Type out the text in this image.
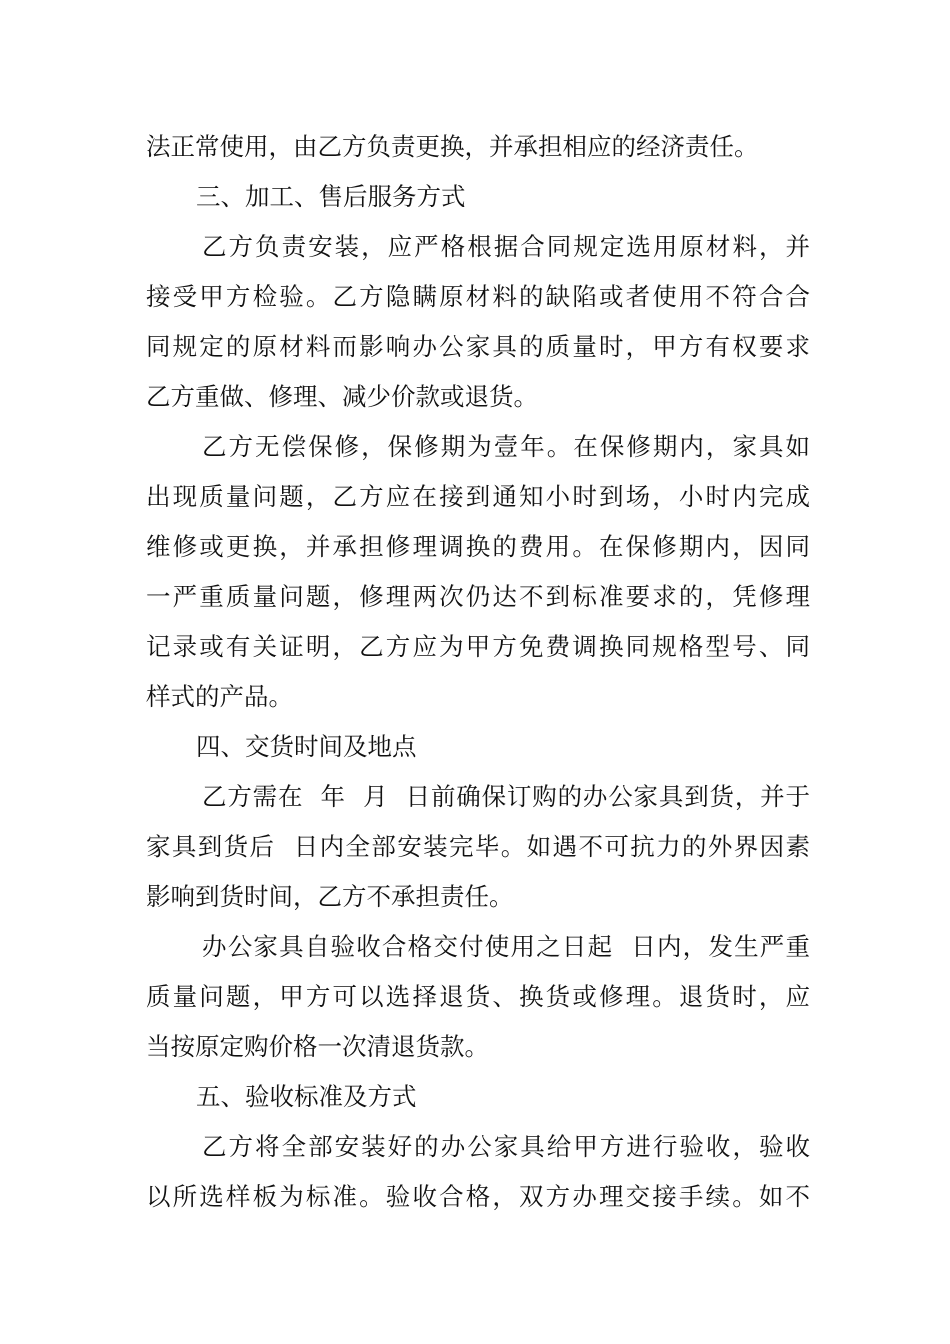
法正常使用，由乙方负责更换，并承担相应的经济责任。
三、加工、售后服务方式
乙方负责安装，应严格根据合同规定选用原材料，并
接受甲方检验。乙方隐瞒原材料的缺陷或者使用不符合合
同规定的原材料而影响办公家具的质量时，甲方有权要求
乙方重做、修理、减少价款或退货。
乙方无偿保修，保修期为壹年。在保修期内，家具如
出现质量问题，乙方应在接到通知小时到场，小时内完成
维修或更换，并承担修理调换的费用。在保修期内，因同
一严重质量问题，修理两次仍达不到标准要求的，凭修理
记录或有关证明，乙方应为甲方免费调换同规格型号、同
样式的产品。
四、交货时间及地点
乙方需在  年  月  日前确保订购的办公家具到货，并于
家具到货后  日内全部安装完毕。如遇不可抗力的外界因素
影响到货时间，乙方不承担责任。
办公家具自验收合格交付使用之日起  日内，发生严重
质量问题，甲方可以选择退货、换货或修理。退货时，应
当按原定购价格一次清退货款。
五、验收标准及方式
乙方将全部安装好的办公家具给甲方进行验收，验收
以所选样板为标准。验收合格，双方办理交接手续。如不
